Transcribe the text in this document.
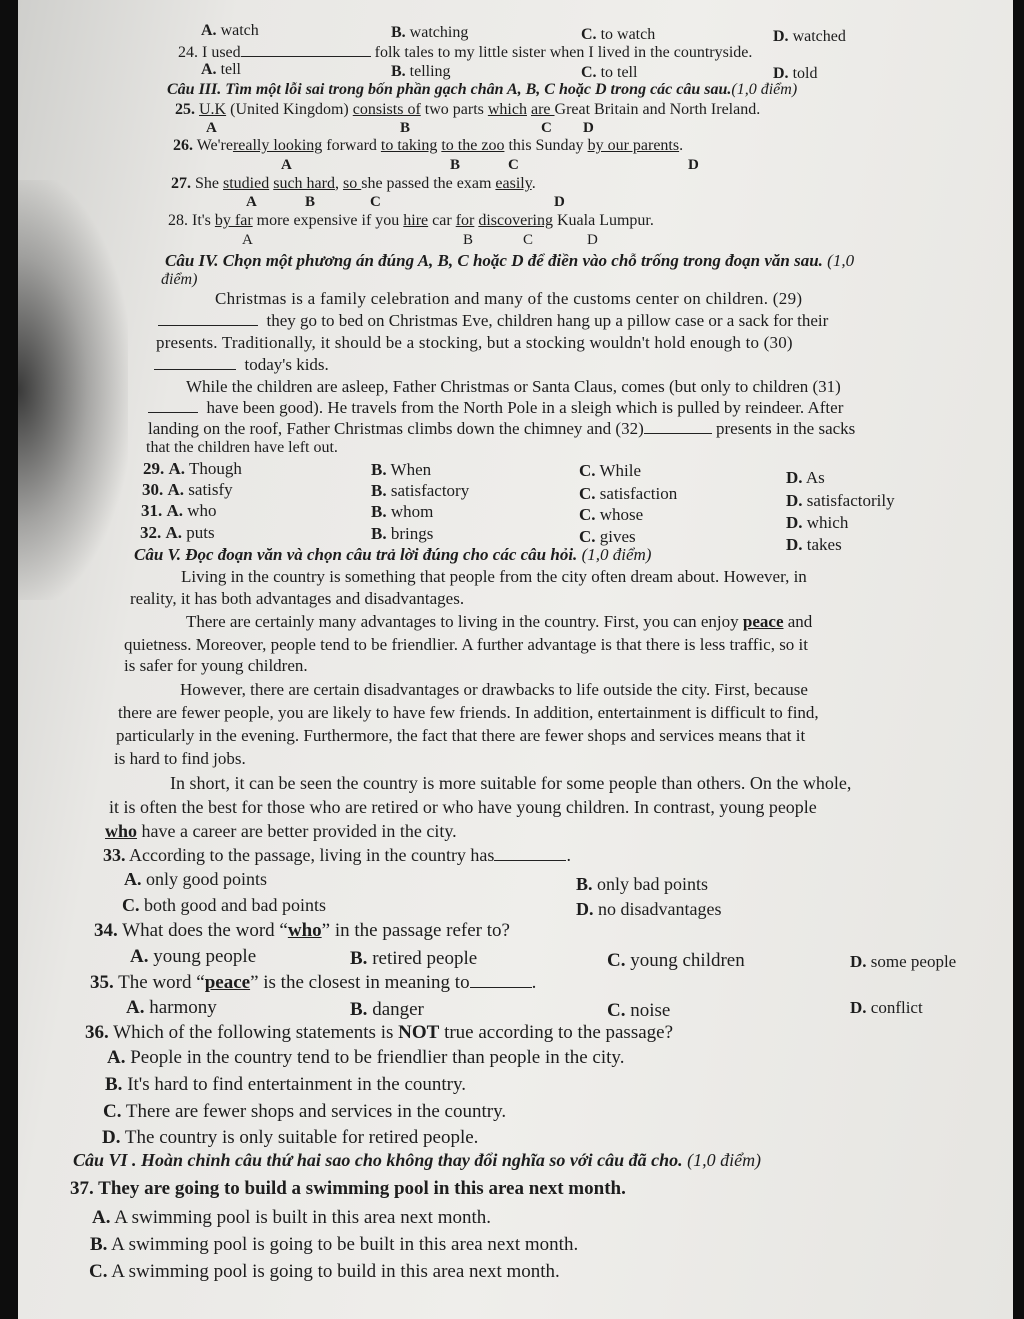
A. watch	B. watching	C. to watch	D. watched
24. I used	folk tales to my little sister when I lived in the countryside.
A. tell	B. telling	C. to tell	D. told
Câu III. Tìm một lỗi sai trong bốn phần gạch chân A, B, C hoặc D trong các câu sau.(1,0 điểm)
25. U.K (United Kingdom) consists of two parts which are Great Britain and North Ireland.
A	B	C D
26. We'rereally looking forward to taking to the zoo this Sunday by our parents.
A	B	C	D
27. She studied such hard, so she passed the exam easily.
A	B	C	D
28. It's by far more expensive if you hire car for discovering Kuala Lumpur.
A	B	C	D
Câu IV. Chọn một phương án đúng A, B, C hoặc D để điền vào chỗ trống trong đoạn văn sau. (1,0
điểm)
Christmas is a family celebration and many of the customs center on children. (29)
they go to bed on Christmas Eve, children hang up a pillow case or a sack for their
presents. Traditionally, it should be a stocking, but a stocking wouldn't hold enough to (30)
today's kids.
While the children are asleep, Father Christmas or Santa Claus, comes (but only to children (31)
have been good). He travels from the North Pole in a sleigh which is pulled by reindeer. After
landing on the roof, Father Christmas climbs down the chimney and (32)	presents in the sacks
that the children have left out.
29. A. Though	B. When	C. While	D. As
30. A. satisfy	B. satisfactory	C. satisfaction	D. satisfactorily
31. A. who	B. whom	C. whose	D. which
32. A. puts	B. brings	C. gives	D. takes
Câu V. Đọc đoạn văn và chọn câu trả lời đúng cho các câu hỏi. (1,0 điểm)
Living in the country is something that people from the city often dream about. However, in
reality, it has both advantages and disadvantages.
There are certainly many advantages to living in the country. First, you can enjoy peace and
quietness. Moreover, people tend to be friendlier. A further advantage is that there is less traffic, so it
is safer for young children.
However, there are certain disadvantages or drawbacks to life outside the city. First, because
there are fewer people, you are likely to have few friends. In addition, entertainment is difficult to find,
particularly in the evening. Furthermore, the fact that there are fewer shops and services means that it
is hard to find jobs.
In short, it can be seen the country is more suitable for some people than others. On the whole,
it is often the best for those who are retired or who have young children. In contrast, young people
who have a career are better provided in the city.
33. According to the passage, living in the country has	.
A. only good points	B. only bad points
C. both good and bad points	D. no disadvantages
34. What does the word “who” in the passage refer to?
A. young people	B. retired people	C. young children	D. some people
35. The word “peace” is the closest in meaning to	.
A. harmony	B. danger	C. noise	D. conflict
36. Which of the following statements is NOT true according to the passage?
A. People in the country tend to be friendlier than people in the city.
B. It's hard to find entertainment in the country.
C. There are fewer shops and services in the country.
D. The country is only suitable for retired people.
Câu VI . Hoàn chỉnh câu thứ hai sao cho không thay đổi nghĩa so với câu đã cho. (1,0 điểm)
37. They are going to build a swimming pool in this area next month.
A. A swimming pool is built in this area next month.
B. A swimming pool is going to be built in this area next month.
C. A swimming pool is going to build in this area next month.
